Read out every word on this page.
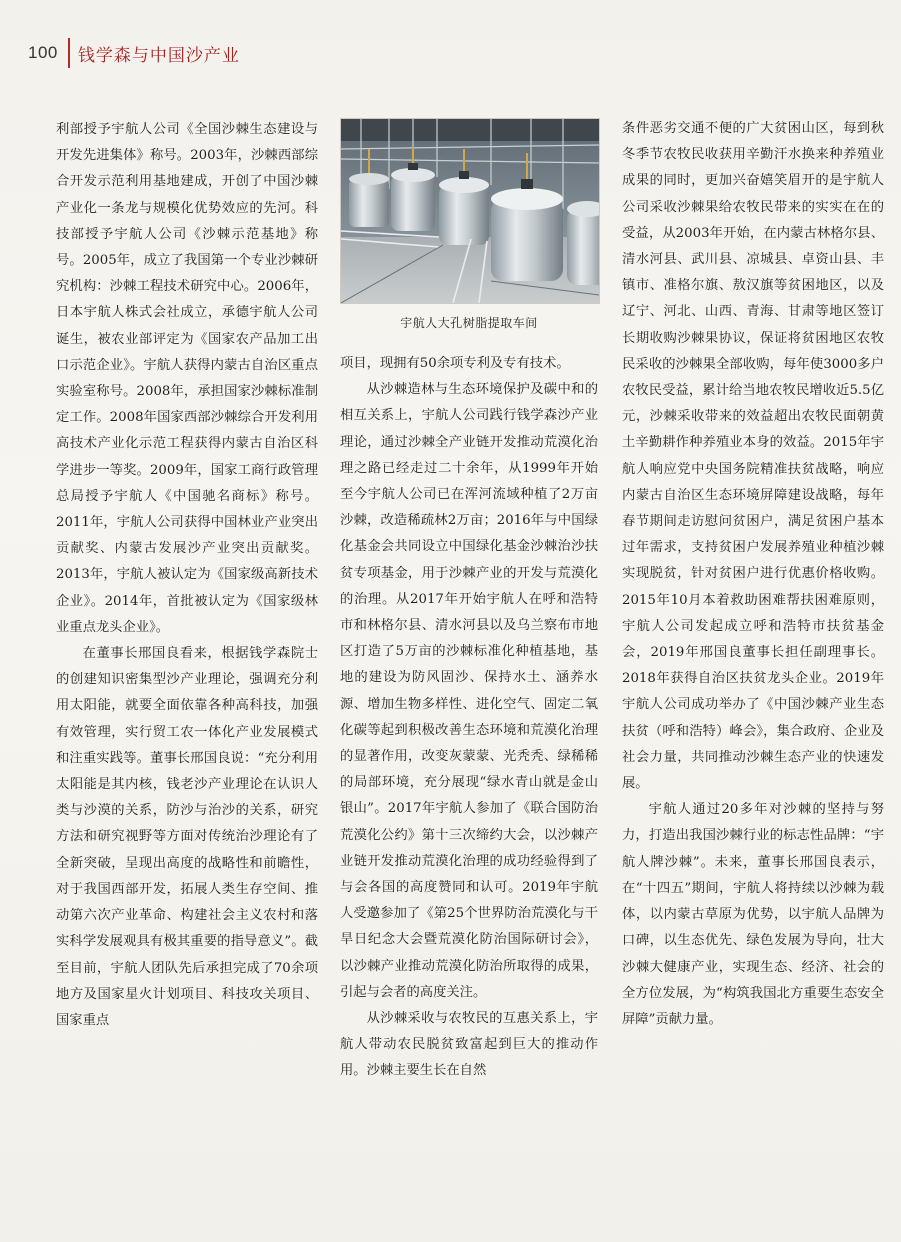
100	钱学森与中国沙产业

利部授予宇航人公司《全国沙棘生态建设与开发先进集体》称号。2003年，沙棘西部综合开发示范利用基地建成，开创了中国沙棘产业化一条龙与规模化优势效应的先河。科技部授予宇航人公司《沙棘示范基地》称号。2005年，成立了我国第一个专业沙棘研究机构：沙棘工程技术研究中心。2006年，日本宇航人株式会社成立，承德宇航人公司诞生，被农业部评定为《国家农产品加工出口示范企业》。宇航人获得内蒙古自治区重点实验室称号。2008年，承担国家沙棘标准制定工作。2008年国家西部沙棘综合开发利用高技术产业化示范工程获得内蒙古自治区科学进步一等奖。2009年，国家工商行政管理总局授予宇航人《中国驰名商标》称号。2011年，宇航人公司获得中国林业产业突出贡献奖、内蒙古发展沙产业突出贡献奖。2013年，宇航人被认定为《国家级高新技术企业》。2014年，首批被认定为《国家级林业重点龙头企业》。

在董事长邢国良看来，根据钱学森院士的创建知识密集型沙产业理论，强调充分利用太阳能，就要全面依靠各种高科技，加强有效管理，实行贸工农一体化产业发展模式和注重实践等。董事长邢国良说：“充分利用太阳能是其内核，钱老沙产业理论在认识人类与沙漠的关系，防沙与治沙的关系，研究方法和研究视野等方面对传统治沙理论有了全新突破，呈现出高度的战略性和前瞻性，对于我国西部开发，拓展人类生存空间、推动第六次产业革命、构建社会主义农村和落实科学发展观具有极其重要的指导意义”。截至目前，宇航人团队先后承担完成了70余项地方及国家星火计划项目、科技攻关项目、国家重点

宇航人大孔树脂提取车间

项目，现拥有50余项专利及专有技术。

从沙棘造林与生态环境保护及碳中和的相互关系上，宇航人公司践行钱学森沙产业理论，通过沙棘全产业链开发推动荒漠化治理之路已经走过二十余年，从1999年开始至今宇航人公司已在浑河流域种植了2万亩沙棘，改造稀疏林2万亩；2016年与中国绿化基金会共同设立中国绿化基金沙棘治沙扶贫专项基金，用于沙棘产业的开发与荒漠化的治理。从2017年开始宇航人在呼和浩特市和林格尔县、清水河县以及乌兰察布市地区打造了5万亩的沙棘标准化种植基地，基地的建设为防风固沙、保持水土、涵养水源、增加生物多样性、进化空气、固定二氧化碳等起到积极改善生态环境和荒漠化治理的显著作用，改变灰蒙蒙、光秃秃、绿稀稀的局部环境，充分展现“绿水青山就是金山银山”。2017年宇航人参加了《联合国防治荒漠化公约》第十三次缔约大会，以沙棘产业链开发推动荒漠化治理的成功经验得到了与会各国的高度赞同和认可。2019年宇航人受邀参加了《第25个世界防治荒漠化与干旱日纪念大会暨荒漠化防治国际研讨会》，以沙棘产业推动荒漠化防治所取得的成果，引起与会者的高度关注。

从沙棘采收与农牧民的互惠关系上，宇航人带动农民脱贫致富起到巨大的推动作用。沙棘主要生长在自然

条件恶劣交通不便的广大贫困山区，每到秋冬季节农牧民收获用辛勤汗水换来种养殖业成果的同时，更加兴奋嬉笑眉开的是宇航人公司采收沙棘果给农牧民带来的实实在在的受益，从2003年开始，在内蒙古林格尔县、清水河县、武川县、凉城县、卓资山县、丰镇市、准格尔旗、敖汉旗等贫困地区，以及辽宁、河北、山西、青海、甘肃等地区签订长期收购沙棘果协议，保证将贫困地区农牧民采收的沙棘果全部收购，每年使3000多户农牧民受益，累计给当地农牧民增收近5.5亿元，沙棘采收带来的效益超出农牧民面朝黄土辛勤耕作种养殖业本身的效益。2015年宇航人响应党中央国务院精准扶贫战略，响应内蒙古自治区生态环境屏障建设战略，每年春节期间走访慰问贫困户，满足贫困户基本过年需求，支持贫困户发展养殖业种植沙棘实现脱贫，针对贫困户进行优惠价格收购。2015年10月本着救助困难帮扶困难原则，宇航人公司发起成立呼和浩特市扶贫基金会，2019年邢国良董事长担任副理事长。2018年获得自治区扶贫龙头企业。2019年宇航人公司成功举办了《中国沙棘产业生态扶贫（呼和浩特）峰会》，集合政府、企业及社会力量，共同推动沙棘生态产业的快速发展。

宇航人通过20多年对沙棘的坚持与努力，打造出我国沙棘行业的标志性品牌：“宇航人牌沙棘”。未来，董事长邢国良表示，在“十四五”期间，宇航人将持续以沙棘为载体，以内蒙古草原为优势，以宇航人品牌为口碑，以生态优先、绿色发展为导向，壮大沙棘大健康产业，实现生态、经济、社会的全方位发展，为“构筑我国北方重要生态安全屏障”贡献力量。
